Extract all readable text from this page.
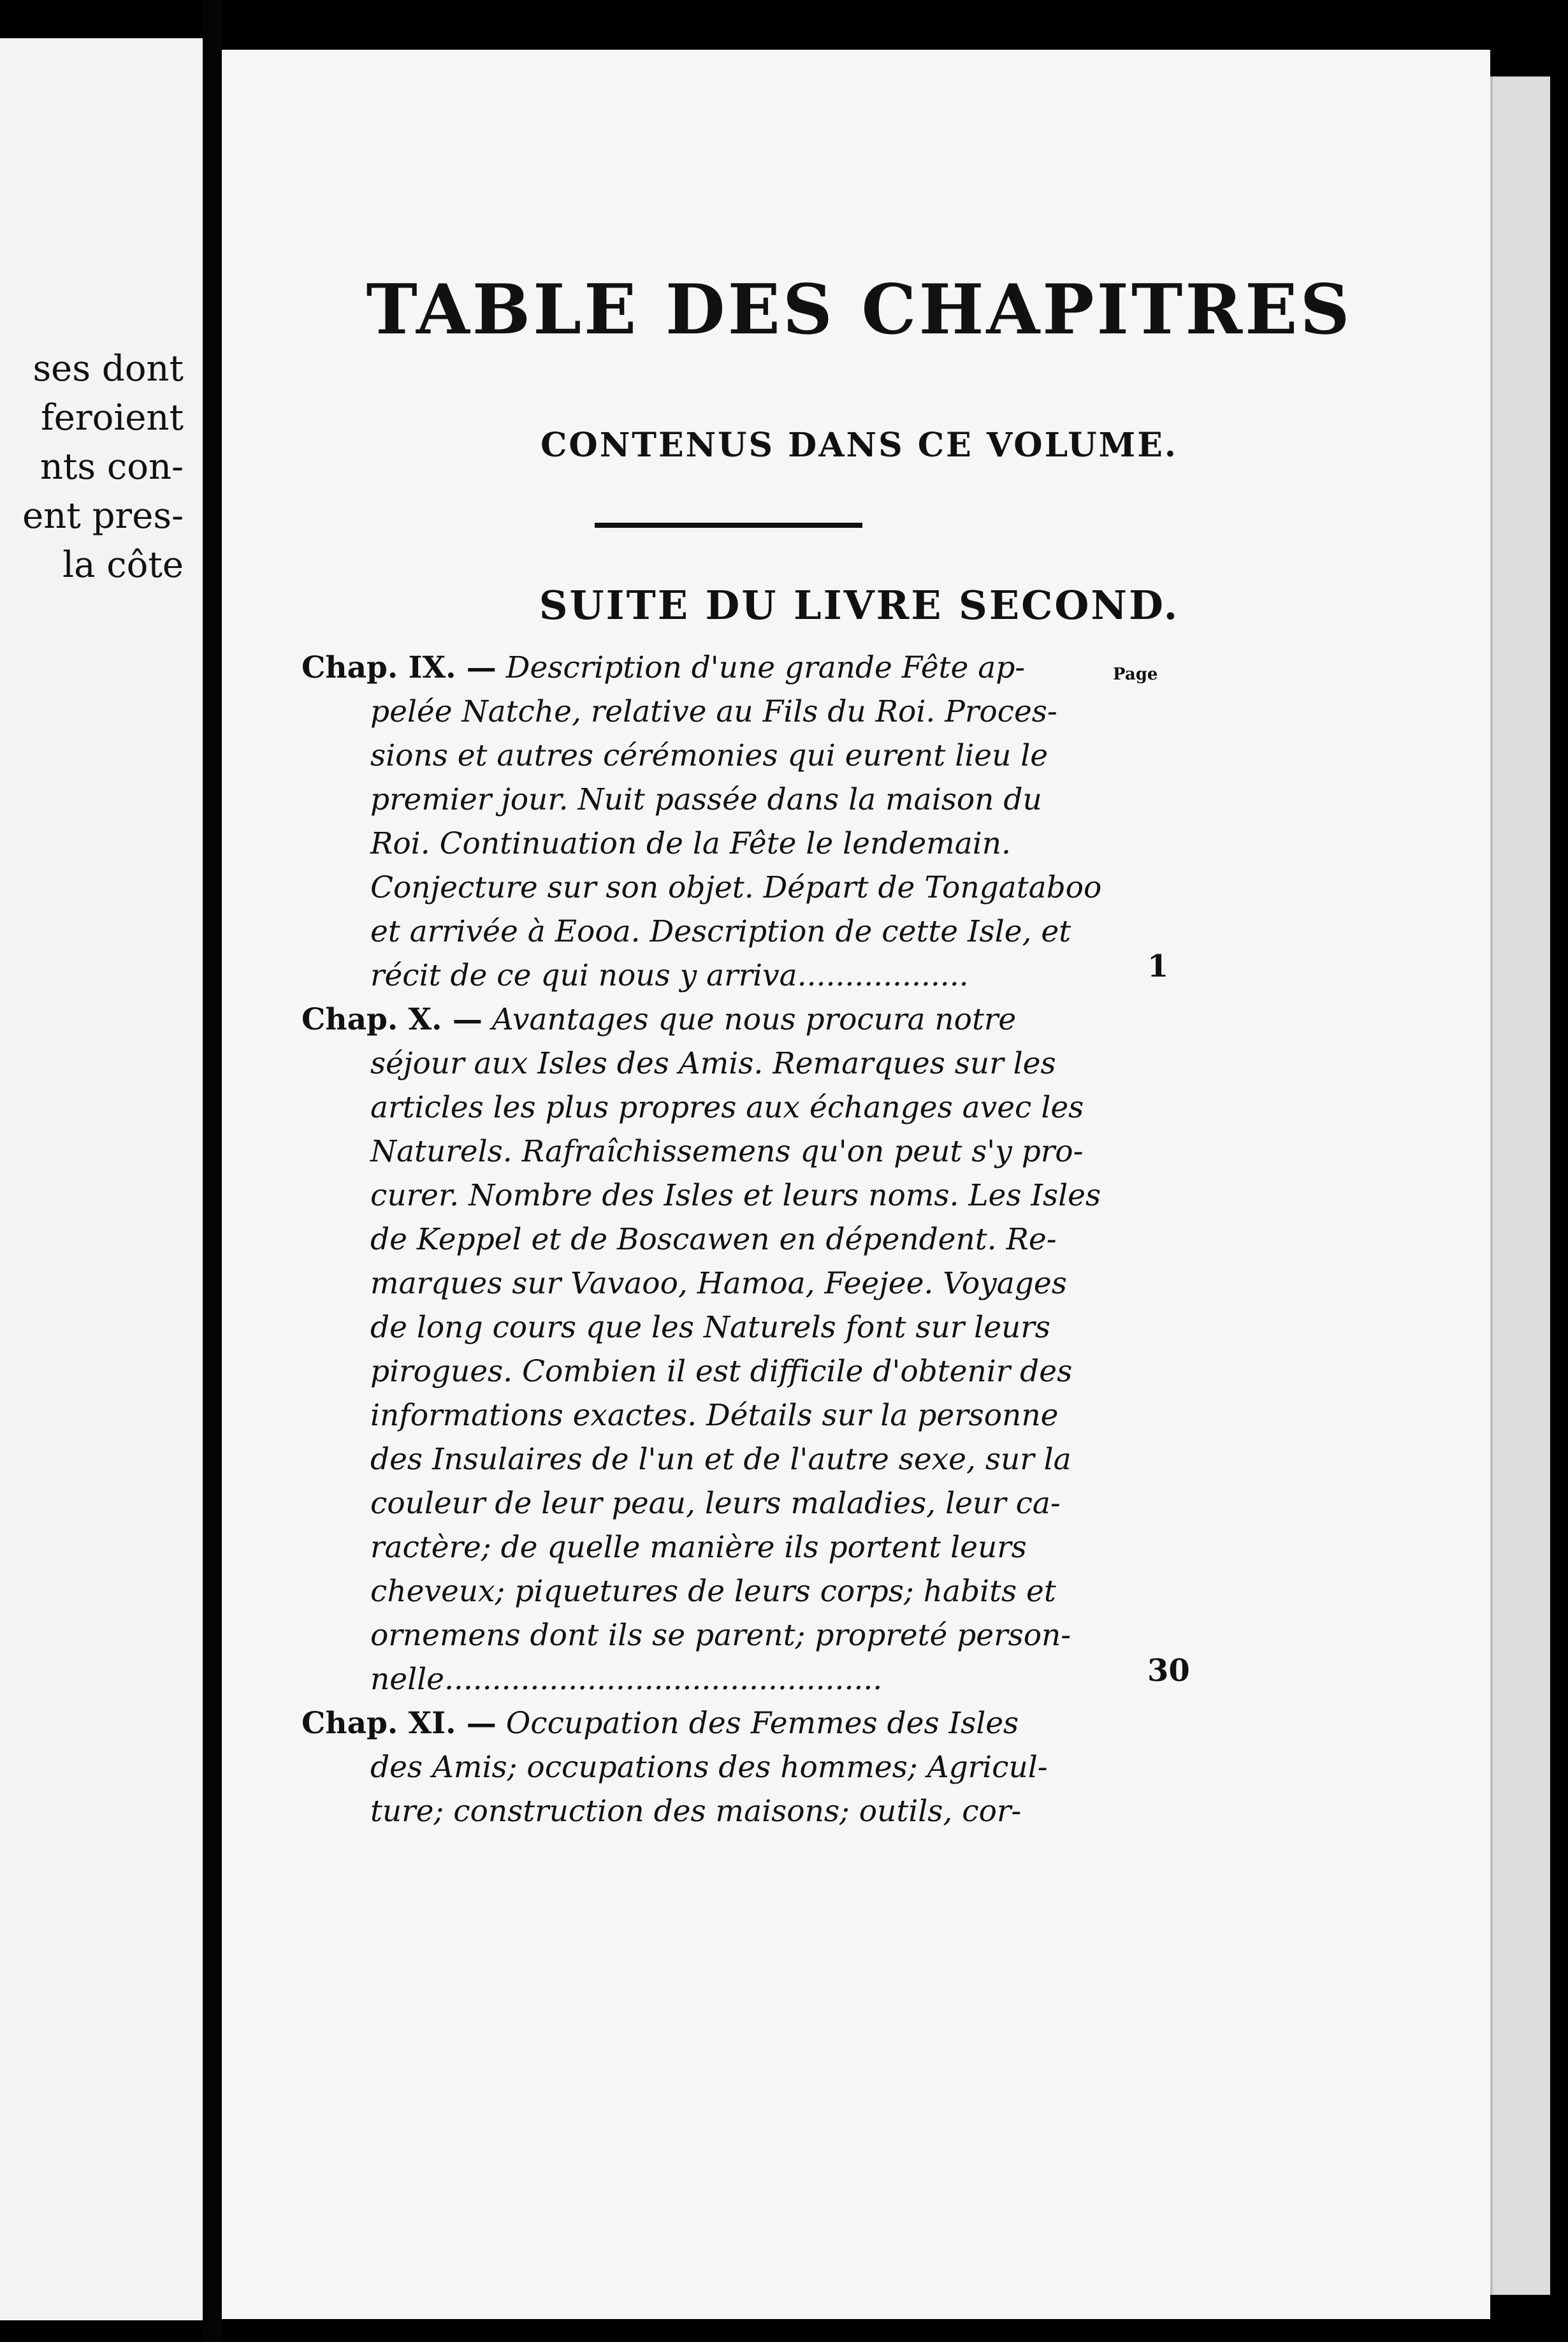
ses dont
feroient
nts con-
ent pres-
la côte
TABLE DES CHAPITRES
CONTENUS DANS CE VOLUME.
SUITE DU LIVRE SECOND.
Page
Chap. IX. — Description d'une grande Fête ap-
pelée Natche, relative au Fils du Roi. Proces-
sions et autres cérémonies qui eurent lieu le
premier jour. Nuit passée dans la maison du
Roi. Continuation de la Fête le lendemain.
Conjecture sur son objet. Départ de Tongataboo
et arrivée à Eooa. Description de cette Isle, et
récit de ce qui nous y arriva..................	1
Chap. X. — Avantages que nous procura notre
séjour aux Isles des Amis. Remarques sur les
articles les plus propres aux échanges avec les
Naturels. Rafraîchissemens qu'on peut s'y pro-
curer. Nombre des Isles et leurs noms. Les Isles
de Keppel et de Boscawen en dépendent. Re-
marques sur Vavaoo, Hamoa, Feejee. Voyages
de long cours que les Naturels font sur leurs
pirogues. Combien il est difficile d'obtenir des
informations exactes. Détails sur la personne
des Insulaires de l'un et de l'autre sexe, sur la
couleur de leur peau, leurs maladies, leur ca-
ractère; de quelle manière ils portent leurs
cheveux; piquetures de leurs corps; habits et
ornemens dont ils se parent; propreté person-
nelle..............................................	30
Chap. XI. — Occupation des Femmes des Isles
des Amis; occupations des hommes; Agricul-
ture; construction des maisons; outils, cor-
